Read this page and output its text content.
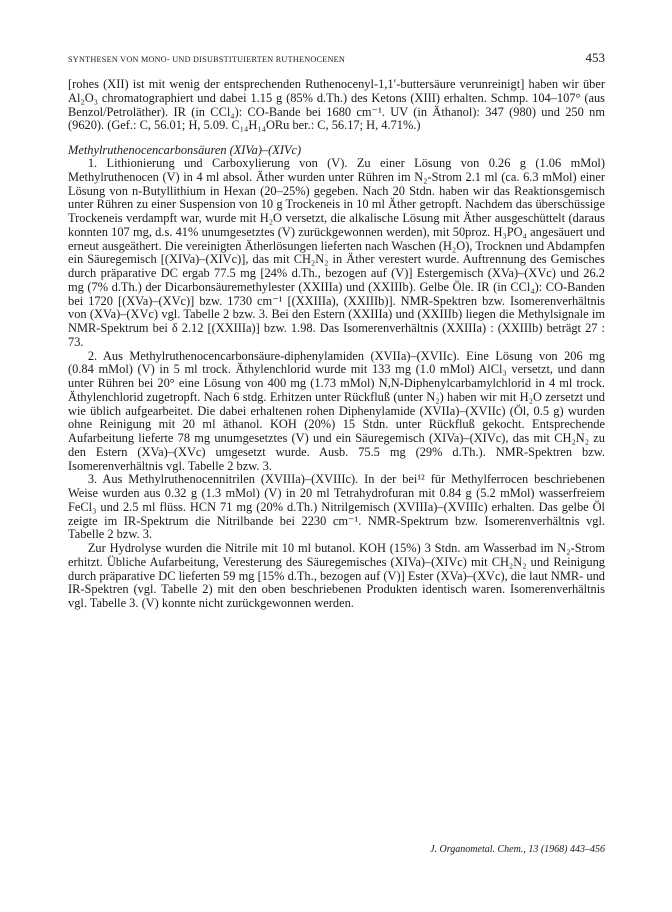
SYNTHESEN VON MONO- UND DISUBSTITUIERTEN RUTHENOCENEN	453

[rohes (XII) ist mit wenig der entsprechenden Ruthenocenyl-1,1′-buttersäure verunreinigt] haben wir über Al₂O₃ chromatographiert und dabei 1.15 g (85% d.Th.) des Ketons (XIII) erhalten. Schmp. 104–107° (aus Benzol/Petroläther). IR (in CCl₄): CO-Bande bei 1680 cm⁻¹. UV (in Äthanol): 347 (980) und 250 nm (9620). (Gef.: C, 56.01; H, 5.09. C₁₄H₁₄ORu ber.: C, 56.17; H, 4.71%.)

Methylruthenocencarbonsäuren (XIVa)–(XIVc)

1. Lithionierung und Carboxylierung von (V). Zu einer Lösung von 0.26 g (1.06 mMol) Methylruthenocen (V) in 4 ml absol. Äther wurden unter Rühren im N₂-Strom 2.1 ml (ca. 6.3 mMol) einer Lösung von n-Butyllithium in Hexan (20–25%) gegeben. Nach 20 Stdn. haben wir das Reaktionsgemisch unter Rühren zu einer Suspension von 10 g Trockeneis in 10 ml Äther getropft. Nachdem das überschüssige Trockeneis verdampft war, wurde mit H₂O versetzt, die alkalische Lösung mit Äther ausgeschüttelt (daraus konnten 107 mg, d.s. 41% unumgesetztes (V) zurückgewonnen werden), mit 50proz. H₃PO₄ angesäuert und erneut ausgeäthert. Die vereinigten Ätherlösungen lieferten nach Waschen (H₂O), Trocknen und Abdampfen ein Säuregemisch [(XIVa)–(XIVc)], das mit CH₂N₂ in Äther verestert wurde. Auftrennung des Gemisches durch präparative DC ergab 77.5 mg [24% d.Th., bezogen auf (V)] Estergemisch (XVa)–(XVc) und 26.2 mg (7% d.Th.) der Dicarbonsäuremethylester (XXIIIa) und (XXIIIb). Gelbe Öle. IR (in CCl₄): CO-Banden bei 1720 [(XVa)–(XVc)] bzw. 1730 cm⁻¹ [(XXIIIa), (XXIIIb)]. NMR-Spektren bzw. Isomerenverhältnis von (XVa)–(XVc) vgl. Tabelle 2 bzw. 3. Bei den Estern (XXIIIa) und (XXIIIb) liegen die Methylsignale im NMR-Spektrum bei δ 2.12 [(XXIIIa)] bzw. 1.98. Das Isomerenverhältnis (XXIIIa) : (XXIIIb) beträgt 27 : 73.

2. Aus Methylruthenocencarbonsäure-diphenylamiden (XVIIa)–(XVIIc). Eine Lösung von 206 mg (0.84 mMol) (V) in 5 ml trock. Äthylenchlorid wurde mit 133 mg (1.0 mMol) AlCl₃ versetzt, und dann unter Rühren bei 20° eine Lösung von 400 mg (1.73 mMol) N,N-Diphenylcarbamylchlorid in 4 ml trock. Äthylenchlorid zugetropft. Nach 6 stdg. Erhitzen unter Rückfluß (unter N₂) haben wir mit H₂O zersetzt und wie üblich aufgearbeitet. Die dabei erhaltenen rohen Diphenylamide (XVIIa)–(XVIIc) (Öl, 0.5 g) wurden ohne Reinigung mit 20 ml äthanol. KOH (20%) 15 Stdn. unter Rückfluß gekocht. Entsprechende Aufarbeitung lieferte 78 mg unumgesetztes (V) und ein Säuregemisch (XIVa)–(XIVc), das mit CH₂N₂ zu den Estern (XVa)–(XVc) umgesetzt wurde. Ausb. 75.5 mg (29% d.Th.). NMR-Spektren bzw. Isomerenverhältnis vgl. Tabelle 2 bzw. 3.

3. Aus Methylruthenocennitrilen (XVIIIa)–(XVIIIc). In der bei¹² für Methylferrocen beschriebenen Weise wurden aus 0.32 g (1.3 mMol) (V) in 20 ml Tetrahydrofuran mit 0.84 g (5.2 mMol) wasserfreiem FeCl₃ und 2.5 ml flüss. HCN 71 mg (20% d.Th.) Nitrilgemisch (XVIIIa)–(XVIIIc) erhalten. Das gelbe Öl zeigte im IR-Spektrum die Nitrilbande bei 2230 cm⁻¹. NMR-Spektrum bzw. Isomerenverhältnis vgl. Tabelle 2 bzw. 3.

Zur Hydrolyse wurden die Nitrile mit 10 ml butanol. KOH (15%) 3 Stdn. am Wasserbad im N₂-Strom erhitzt. Übliche Aufarbeitung, Veresterung des Säuregemisches (XIVa)–(XIVc) mit CH₂N₂ und Reinigung durch präparative DC lieferten 59 mg [15% d.Th., bezogen auf (V)] Ester (XVa)–(XVc), die laut NMR- und IR-Spektren (vgl. Tabelle 2) mit den oben beschriebenen Produkten identisch waren. Isomerenverhältnis vgl. Tabelle 3. (V) konnte nicht zurückgewonnen werden.

J. Organometal. Chem., 13 (1968) 443–456
